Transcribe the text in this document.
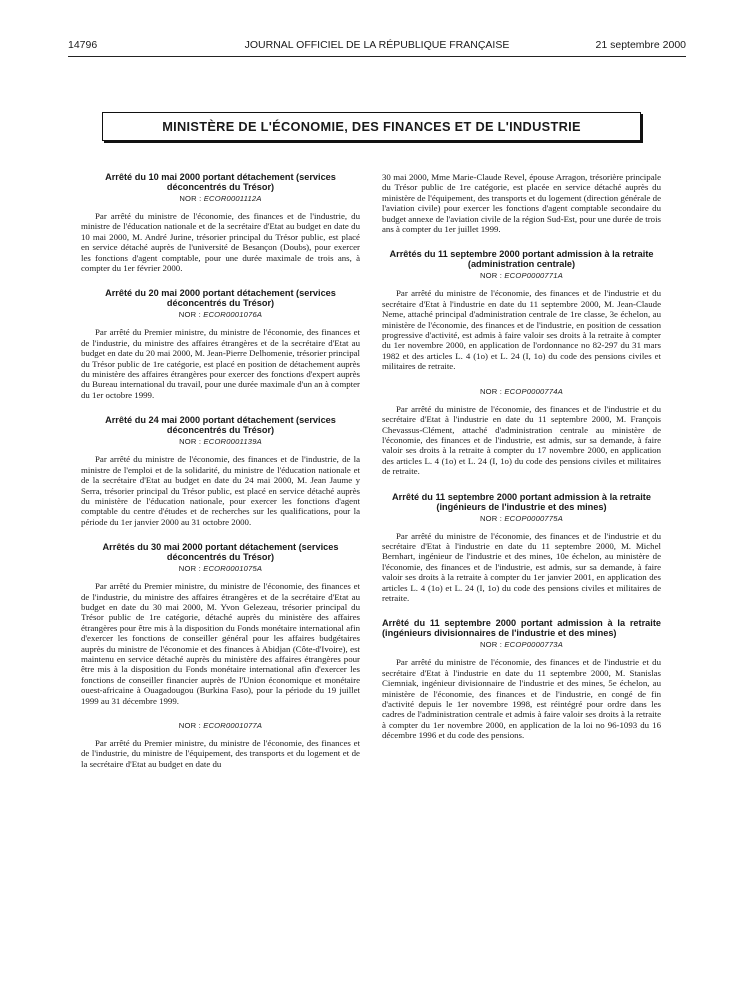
14796	JOURNAL OFFICIEL DE LA RÉPUBLIQUE FRANÇAISE	21 septembre 2000
MINISTÈRE DE L'ÉCONOMIE, DES FINANCES ET DE L'INDUSTRIE
Arrêté du 10 mai 2000 portant détachement (services déconcentrés du Trésor)
NOR : ECOR0001112A

Par arrêté du ministre de l'économie, des finances et de l'industrie, du ministre de l'éducation nationale et de la secrétaire d'Etat au budget en date du 10 mai 2000, M. André Jurine, trésorier principal du Trésor public, est placé en service détaché auprès de l'université de Besançon (Doubs), pour exercer les fonctions d'agent comptable, pour une durée maximale de trois ans, à compter du 1er février 2000.

Arrêté du 20 mai 2000 portant détachement (services déconcentrés du Trésor)
NOR : ECOR0001076A

Par arrêté du Premier ministre, du ministre de l'économie, des finances et de l'industrie, du ministre des affaires étrangères et de la secrétaire d'Etat au budget en date du 20 mai 2000, M. Jean-Pierre Delhomenie, trésorier principal du Trésor public de 1re catégorie, est placé en position de détachement auprès du ministère des affaires étrangères pour exercer des fonctions d'expert auprès du Bureau international du travail, pour une durée maximale d'un an à compter du 1er octobre 1999.

Arrêté du 24 mai 2000 portant détachement (services déconcentrés du Trésor)
NOR : ECOR0001139A

Par arrêté du ministre de l'économie, des finances et de l'industrie, de la ministre de l'emploi et de la solidarité, du ministre de l'éducation nationale et de la secrétaire d'Etat au budget en date du 24 mai 2000, M. Jean Jaume y Serra, trésorier principal du Trésor public, est placé en service détaché auprès du ministère de l'éducation nationale, pour exercer les fonctions d'agent comptable du centre d'études et de recherches sur les qualifications, pour la période du 1er janvier 2000 au 31 octobre 2000.

Arrêtés du 30 mai 2000 portant détachement (services déconcentrés du Trésor)
NOR : ECOR0001075A

Par arrêté du Premier ministre, du ministre de l'économie, des finances et de l'industrie, du ministre des affaires étrangères et de la secrétaire d'Etat au budget en date du 30 mai 2000, M. Yvon Gelezeau, trésorier principal du Trésor public de 1re catégorie, détaché auprès du ministère des affaires étrangères pour être mis à la disposition du Fonds monétaire international afin d'exercer les fonctions de conseiller général pour les affaires budgétaires auprès du ministre de l'économie et des finances à Abidjan (Côte-d'Ivoire), est maintenu en service détaché auprès du ministère des affaires étrangères pour être mis à la disposition du Fonds monétaire international afin d'exercer les fonctions de conseiller financier auprès de l'Union économique et monétaire ouest-africaine à Ouagadougou (Burkina Faso), pour la période du 19 juillet 1999 au 31 décembre 1999.

NOR : ECOR0001077A

Par arrêté du Premier ministre, du ministre de l'économie, des finances et de l'industrie, du ministre de l'équipement, des transports et du logement et de la secrétaire d'Etat au budget en date du

30 mai 2000, Mme Marie-Claude Revel, épouse Arragon, trésorière principale du Trésor public de 1re catégorie, est placée en service détaché auprès du ministère de l'équipement, des transports et du logement (direction générale de l'aviation civile) pour exercer les fonctions d'agent comptable secondaire du budget annexe de l'aviation civile de la région Sud-Est, pour une durée de trois ans à compter du 1er juillet 1999.

Arrêtés du 11 septembre 2000 portant admission à la retraite (administration centrale)
NOR : ECOP0000771A

Par arrêté du ministre de l'économie, des finances et de l'industrie et du secrétaire d'Etat à l'industrie en date du 11 septembre 2000, M. Jean-Claude Neme, attaché principal d'administration centrale de 1re classe, 3e échelon, au ministère de l'économie, des finances et de l'industrie, en position de cessation progressive d'activité, est admis à faire valoir ses droits à la retraite à compter du 1er novembre 2000, en application de l'ordonnance no 82-297 du 31 mars 1982 et des articles L. 4 (1o) et L. 24 (I, 1o) du code des pensions civiles et militaires de retraite.

NOR : ECOP0000774A

Par arrêté du ministre de l'économie, des finances et de l'industrie et du secrétaire d'Etat à l'industrie en date du 11 septembre 2000, M. François Chevassus-Clément, attaché d'administration centrale au ministère de l'économie, des finances et de l'industrie, est admis, sur sa demande, à faire valoir ses droits à la retraite à compter du 17 novembre 2000, en application des articles L. 4 (1o) et L. 24 (I, 1o) du code des pensions civiles et militaires de retraite.

Arrêté du 11 septembre 2000 portant admission à la retraite (ingénieurs de l'industrie et des mines)
NOR : ECOP0000775A

Par arrêté du ministre de l'économie, des finances et de l'industrie et du secrétaire d'Etat à l'industrie en date du 11 septembre 2000, M. Michel Bernhart, ingénieur de l'industrie et des mines, 10e échelon, au ministère de l'économie, des finances et de l'industrie, est admis, sur sa demande, à faire valoir ses droits à la retraite à compter du 1er janvier 2001, en application des articles L. 4 (1o) et L. 24 (I, 1o) du code des pensions civiles et militaires de retraite.

Arrêté du 11 septembre 2000 portant admission à la retraite (ingénieurs divisionnaires de l'industrie et des mines)
NOR : ECOP0000773A

Par arrêté du ministre de l'économie, des finances et de l'industrie et du secrétaire d'Etat à l'industrie en date du 11 septembre 2000, M. Stanislas Ciemniak, ingénieur divisionnaire de l'industrie et des mines, 5e échelon, au ministère de l'économie, des finances et de l'industrie, en congé de fin d'activité depuis le 1er novembre 1998, est réintégré pour ordre dans les cadres de l'administration centrale et admis à faire valoir ses droits à la retraite à compter du 1er novembre 2000, en application de la loi no 96-1093 du 16 décembre 1996 et du code des pensions.
